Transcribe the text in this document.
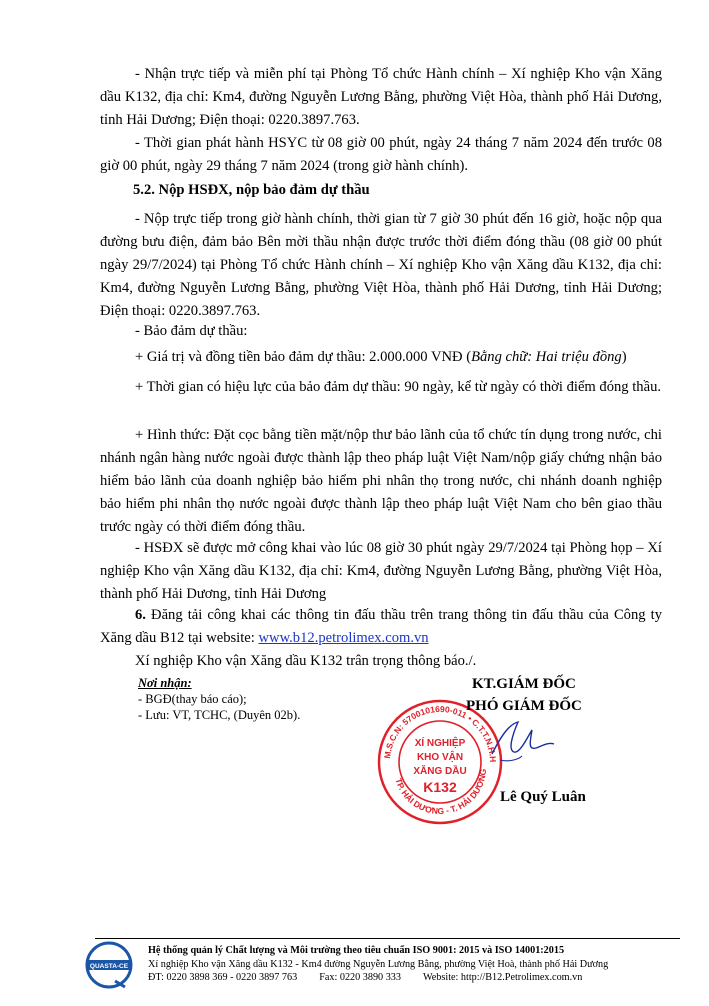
- Nhận trực tiếp và miễn phí tại Phòng Tổ chức Hành chính – Xí nghiệp Kho vận Xăng dầu K132, địa chỉ: Km4, đường Nguyễn Lương Bằng, phường Việt Hòa, thành phố Hải Dương, tỉnh Hải Dương; Điện thoại: 0220.3897.763.

- Thời gian phát hành HSYC từ 08 giờ 00 phút, ngày 24 tháng 7 năm 2024 đến trước 08 giờ 00 phút, ngày 29 tháng 7 năm 2024 (trong giờ hành chính).

5.2. Nộp HSĐX, nộp bảo đảm dự thầu

- Nộp trực tiếp trong giờ hành chính, thời gian từ 7 giờ 30 phút đến 16 giờ, hoặc nộp qua đường bưu điện, đảm bảo Bên mời thầu nhận được trước thời điểm đóng thầu (08 giờ 00 phút ngày 29/7/2024) tại Phòng Tổ chức Hành chính – Xí nghiệp Kho vận Xăng dầu K132, địa chỉ: Km4, đường Nguyễn Lương Bằng, phường Việt Hòa, thành phố Hải Dương, tỉnh Hải Dương; Điện thoại: 0220.3897.763.

- Bảo đảm dự thầu:

+ Giá trị và đồng tiền bảo đảm dự thầu: 2.000.000 VNĐ (Bằng chữ: Hai triệu đồng)

+ Thời gian có hiệu lực của bảo đảm dự thầu: 90 ngày, kể từ ngày có thời điểm đóng thầu.

+ Hình thức: Đặt cọc bằng tiền mặt/nộp thư bảo lãnh của tổ chức tín dụng trong nước, chi nhánh ngân hàng nước ngoài được thành lập theo pháp luật Việt Nam/nộp giấy chứng nhận bảo hiểm bảo lãnh của doanh nghiệp bảo hiểm phi nhân thọ trong nước, chi nhánh doanh nghiệp bảo hiểm phi nhân thọ nước ngoài được thành lập theo pháp luật Việt Nam cho bên giao thầu trước ngày có thời điểm đóng thầu.

- HSĐX sẽ được mở công khai vào lúc 08 giờ 30 phút ngày 29/7/2024 tại Phòng họp – Xí nghiệp Kho vận Xăng dầu K132, địa chỉ: Km4, đường Nguyễn Lương Bằng, phường Việt Hòa, thành phố Hải Dương, tỉnh Hải Dương

6. Đăng tải công khai các thông tin đấu thầu trên trang thông tin đấu thầu của Công ty Xăng dầu B12 tại website: www.b12.petrolimex.com.vn

Xí nghiệp Kho vận Xăng dầu K132 trân trọng thông báo./.

Nơi nhận:
- BGĐ(thay báo cáo);
- Lưu: VT, TCHC, (Duyên 02b).
M.S.C.N: 5700101690-011 • C.T.T.N.H.H
TP. HẢI DƯƠNG - T. HẢI DƯƠNG
XÍ NGHIỆP
KHO VẬN
XĂNG DẦU
K132
KT.GIÁM ĐỐC
PHÓ GIÁM ĐỐC
Lê Quý Luân
QUASTA-CE
Hệ thống quản lý Chất lượng và Môi trường theo tiêu chuẩn ISO 9001: 2015 và ISO 14001:2015
Xí nghiệp Kho vận Xăng dầu K132 - Km4 đường Nguyễn Lương Bằng, phường Việt Hoà, thành phố Hải Dương
ĐT: 0220 3898 369 - 0220 3897 763 Fax: 0220 3890 333 Website: http://B12.Petrolimex.com.vn
